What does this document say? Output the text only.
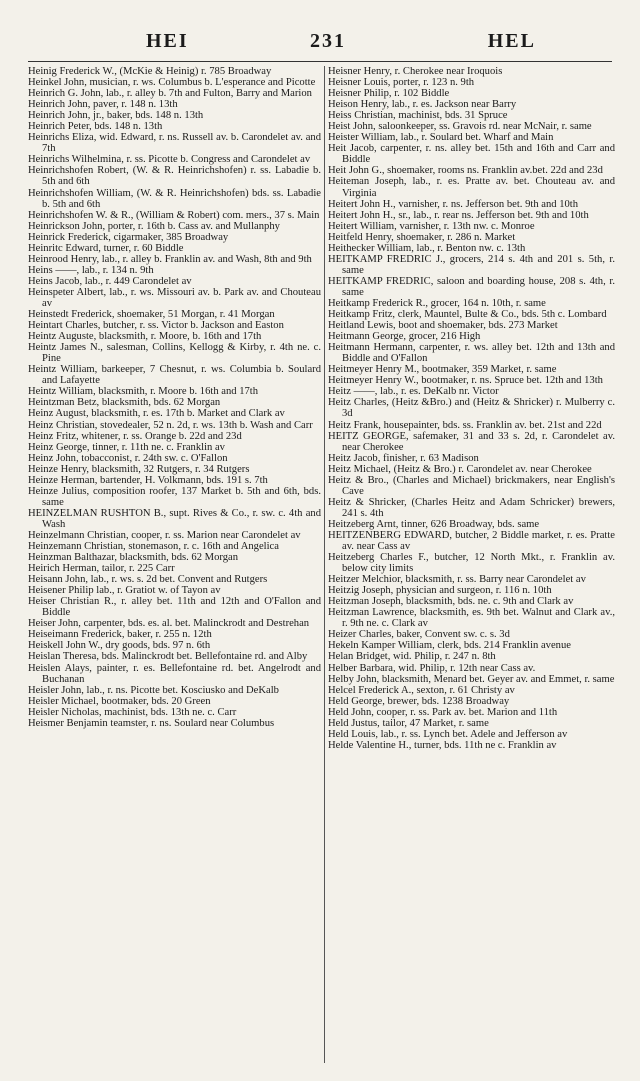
HEI	231	HEL

Heinig Frederick W., (McKie & Heinig) r. 785 Broadway

Heinkel John, musician, r. ws. Columbus b. L'esperance and Picotte

Heinrich G. John, lab., r. alley b. 7th and Fulton, Barry and Marion

Heinrich John, paver, r. 148 n. 13th

Heinrich John, jr., baker, bds. 148 n. 13th

Heinrich Peter, bds. 148 n. 13th

Heinrichs Eliza, wid. Edward, r. ns. Russell av. b. Carondelet av. and 7th

Heinrichs Wilhelmina, r. ss. Picotte b. Congress and Carondelet av

Heinrichshofen Robert, (W. & R. Heinrichshofen) r. ss. Labadie b. 5th and 6th

Heinrichshofen William, (W. & R. Heinrichshofen) bds. ss. Labadie b. 5th and 6th

Heinrichshofen W. & R., (William & Robert) com. mers., 37 s. Main

Heinrickson John, porter, r. 16th b. Cass av. and Mullanphy

Heinrick Frederick, cigarmaker, 385 Broadway

Heinritc Edward, turner, r. 60 Biddle

Heinrood Henry, lab., r. alley b. Franklin av. and Wash, 8th and 9th

Heins ——, lab., r. 134 n. 9th

Heins Jacob, lab., r. 449 Carondelet av

Heinspeter Albert, lab., r. ws. Missouri av. b. Park av. and Chouteau av

Heinstedt Frederick, shoemaker, 51 Morgan, r. 41 Morgan

Heintart Charles, butcher, r. ss. Victor b. Jackson and Easton

Heintz Auguste, blacksmith, r. Moore, b. 16th and 17th

Heintz James N., salesman, Collins, Kellogg & Kirby, r. 4th ne. c. Pine

Heintz William, barkeeper, 7 Chesnut, r. ws. Columbia b. Soulard and Lafayette

Heintz William, blacksmith, r. Moore b. 16th and 17th

Heintzman Betz, blacksmith, bds. 62 Morgan

Heinz August, blacksmith, r. es. 17th b. Market and Clark av

Heinz Christian, stovedealer, 52 n. 2d, r. ws. 13th b. Wash and Carr

Heinz Fritz, whitener, r. ss. Orange b. 22d and 23d

Heinz George, tinner, r. 11th ne. c. Franklin av

Heinz John, tobacconist, r. 24th sw. c. O'Fallon

Heinze Henry, blacksmith, 32 Rutgers, r. 34 Rutgers

Heinze Herman, bartender, H. Volkmann, bds. 191 s. 7th

Heinze Julius, composition roofer, 137 Market b. 5th and 6th, bds. same

HEINZELMAN RUSHTON B., supt. Rives & Co., r. sw. c. 4th and Wash

Heinzelmann Christian, cooper, r. ss. Marion near Carondelet av

Heinzemann Christian, stonemason, r. c. 16th and Angelica

Heinzman Balthazar, blacksmith, bds. 62 Morgan

Heirich Herman, tailor, r. 225 Carr

Heisann John, lab., r. ws. s. 2d bet. Convent and Rutgers

Heisener Philip lab., r. Gratiot w. of Tayon av

Heiser Christian R., r. alley bet. 11th and 12th and O'Fallon and Biddle

Heiser John, carpenter, bds. es. al. bet. Malinckrodt and Destrehan

Heiseimann Frederick, baker, r. 255 n. 12th

Heiskell John W., dry goods, bds. 97 n. 6th

Heislan Theresa, bds. Malinckrodt bet. Bellefontaine rd. and Alby

Heislen Alays, painter, r. es. Bellefontaine rd. bet. Angelrodt and Buchanan

Heisler John, lab., r. ns. Picotte bet. Kosciusko and DeKalb

Heisler Michael, bootmaker, bds. 20 Green

Heisler Nicholas, machinist, bds. 13th ne. c. Carr

Heismer Benjamin teamster, r. ns. Soulard near Columbus

Heisner Henry, r. Cherokee near Iroquois

Heisner Louis, porter, r. 123 n. 9th

Heisner Philip, r. 102 Biddle

Heison Henry, lab., r. es. Jackson near Barry

Heiss Christian, machinist, bds. 31 Spruce

Heist John, saloonkeeper, ss. Gravois rd. near McNair, r. same

Heister William, lab., r. Soulard bet. Wharf and Main

Heit Jacob, carpenter, r. ns. alley bet. 15th and 16th and Carr and Biddle

Heit John G., shoemaker, rooms ns. Franklin av.bet. 22d and 23d

Heiteman Joseph, lab., r. es. Pratte av. bet. Chouteau av. and Virginia

Heitert John H., varnisher, r. ns. Jefferson bet. 9th and 10th

Heitert John H., sr., lab., r. rear ns. Jefferson bet. 9th and 10th

Heitert William, varnisher, r. 13th nw. c. Monroe

Heitfeld Henry, shoemaker, r. 286 n. Market

Heithecker William, lab., r. Benton nw. c. 13th

HEITKAMP FREDRIC J., grocers, 214 s. 4th and 201 s. 5th, r. same

HEITKAMP FREDRIC, saloon and boarding house, 208 s. 4th, r. same

Heitkamp Frederick R., grocer, 164 n. 10th, r. same

Heitkamp Fritz, clerk, Mauntel, Bulte & Co., bds. 5th c. Lombard

Heitland Lewis, boot and shoemaker, bds. 273 Market

Heitmann George, grocer, 216 High

Heitmann Hermann, carpenter, r. ws. alley bet. 12th and 13th and Biddle and O'Fallon

Heitmeyer Henry M., bootmaker, 359 Market, r. same

Heitmeyer Henry W., bootmaker, r. ns. Spruce bet. 12th and 13th

Heitz ——, lab., r. es. DeKalb nr. Victor

Heitz Charles, (Heitz &Bro.) and (Heitz & Shricker) r. Mulberry c. 3d

Heitz Frank, housepainter, bds. ss. Franklin av. bet. 21st and 22d

HEITZ GEORGE, safemaker, 31 and 33 s. 2d, r. Carondelet av. near Cherokee

Heitz Jacob, finisher, r. 63 Madison

Heitz Michael, (Heitz & Bro.) r. Carondelet av. near Cherokee

Heitz & Bro., (Charles and Michael) brickmakers, near English's Cave

Heitz & Shricker, (Charles Heitz and Adam Schricker) brewers, 241 s. 4th

Heitzeberg Arnt, tinner, 626 Broadway, bds. same

HEITZENBERG EDWARD, butcher, 2 Biddle market, r. es. Pratte av. near Cass av

Heitzeberg Charles F., butcher, 12 North Mkt., r. Franklin av. below city limits

Heitzer Melchior, blacksmith, r. ss. Barry near Carondelet av

Heitzig Joseph, physician and surgeon, r. 116 n. 10th

Heitzman Joseph, blacksmith, bds. ne. c. 9th and Clark av

Heitzman Lawrence, blacksmith, es. 9th bet. Walnut and Clark av., r. 9th ne. c. Clark av

Heizer Charles, baker, Convent sw. c. s. 3d

Hekeln Kamper William, clerk, bds. 214 Franklin avenue

Helan Bridget, wid. Philip, r. 247 n. 8th

Helber Barbara, wid. Philip, r. 12th near Cass av.

Helby John, blacksmith, Menard bet. Geyer av. and Emmet, r. same

Helcel Frederick A., sexton, r. 61 Christy av

Held George, brewer, bds. 1238 Broadway

Held John, cooper, r. ss. Park av. bet. Marion and 11th

Held Justus, tailor, 47 Market, r. same

Held Louis, lab., r. ss. Lynch bet. Adele and Jefferson av

Helde Valentine H., turner, bds. 11th ne c. Franklin av
